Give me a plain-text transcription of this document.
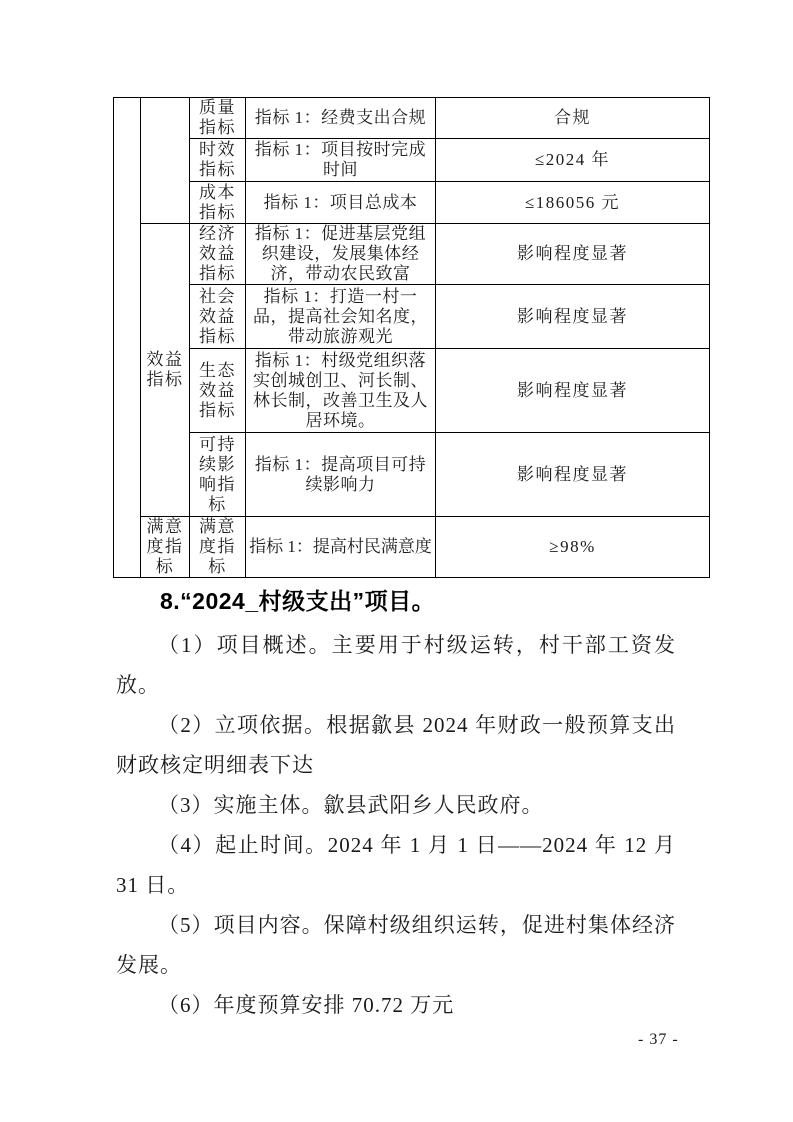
		质量指标	指标 1：经费支出合规	合规
		时效指标	指标 1：项目按时完成时间	≤2024 年
		成本指标	指标 1：项目总成本	≤186056 元
	效益指标	经济效益指标	指标 1：促进基层党组织建设，发展集体经济，带动农民致富	影响程度显著
		社会效益指标	指标 1：打造一村一品，提高社会知名度，带动旅游观光	影响程度显著
		生态效益指标	指标 1：村级党组织落实创城创卫、河长制、林长制，改善卫生及人居环境。	影响程度显著
		可持续影响指标	指标 1：提高项目可持续影响力	影响程度显著
	满意度指标	满意度指标	指标 1：提高村民满意度	≥98%
8.“2024_村级支出”项目。

（1）项目概述。主要用于村级运转，村干部工资发放。

（2）立项依据。根据歙县 2024 年财政一般预算支出财政核定明细表下达

（3）实施主体。歙县武阳乡人民政府。

（4）起止时间。2024 年 1 月 1 日——2024 年 12 月 31 日。

（5）项目内容。保障村级组织运转，促进村集体经济发展。

（6）年度预算安排 70.72 万元

- 37 -
